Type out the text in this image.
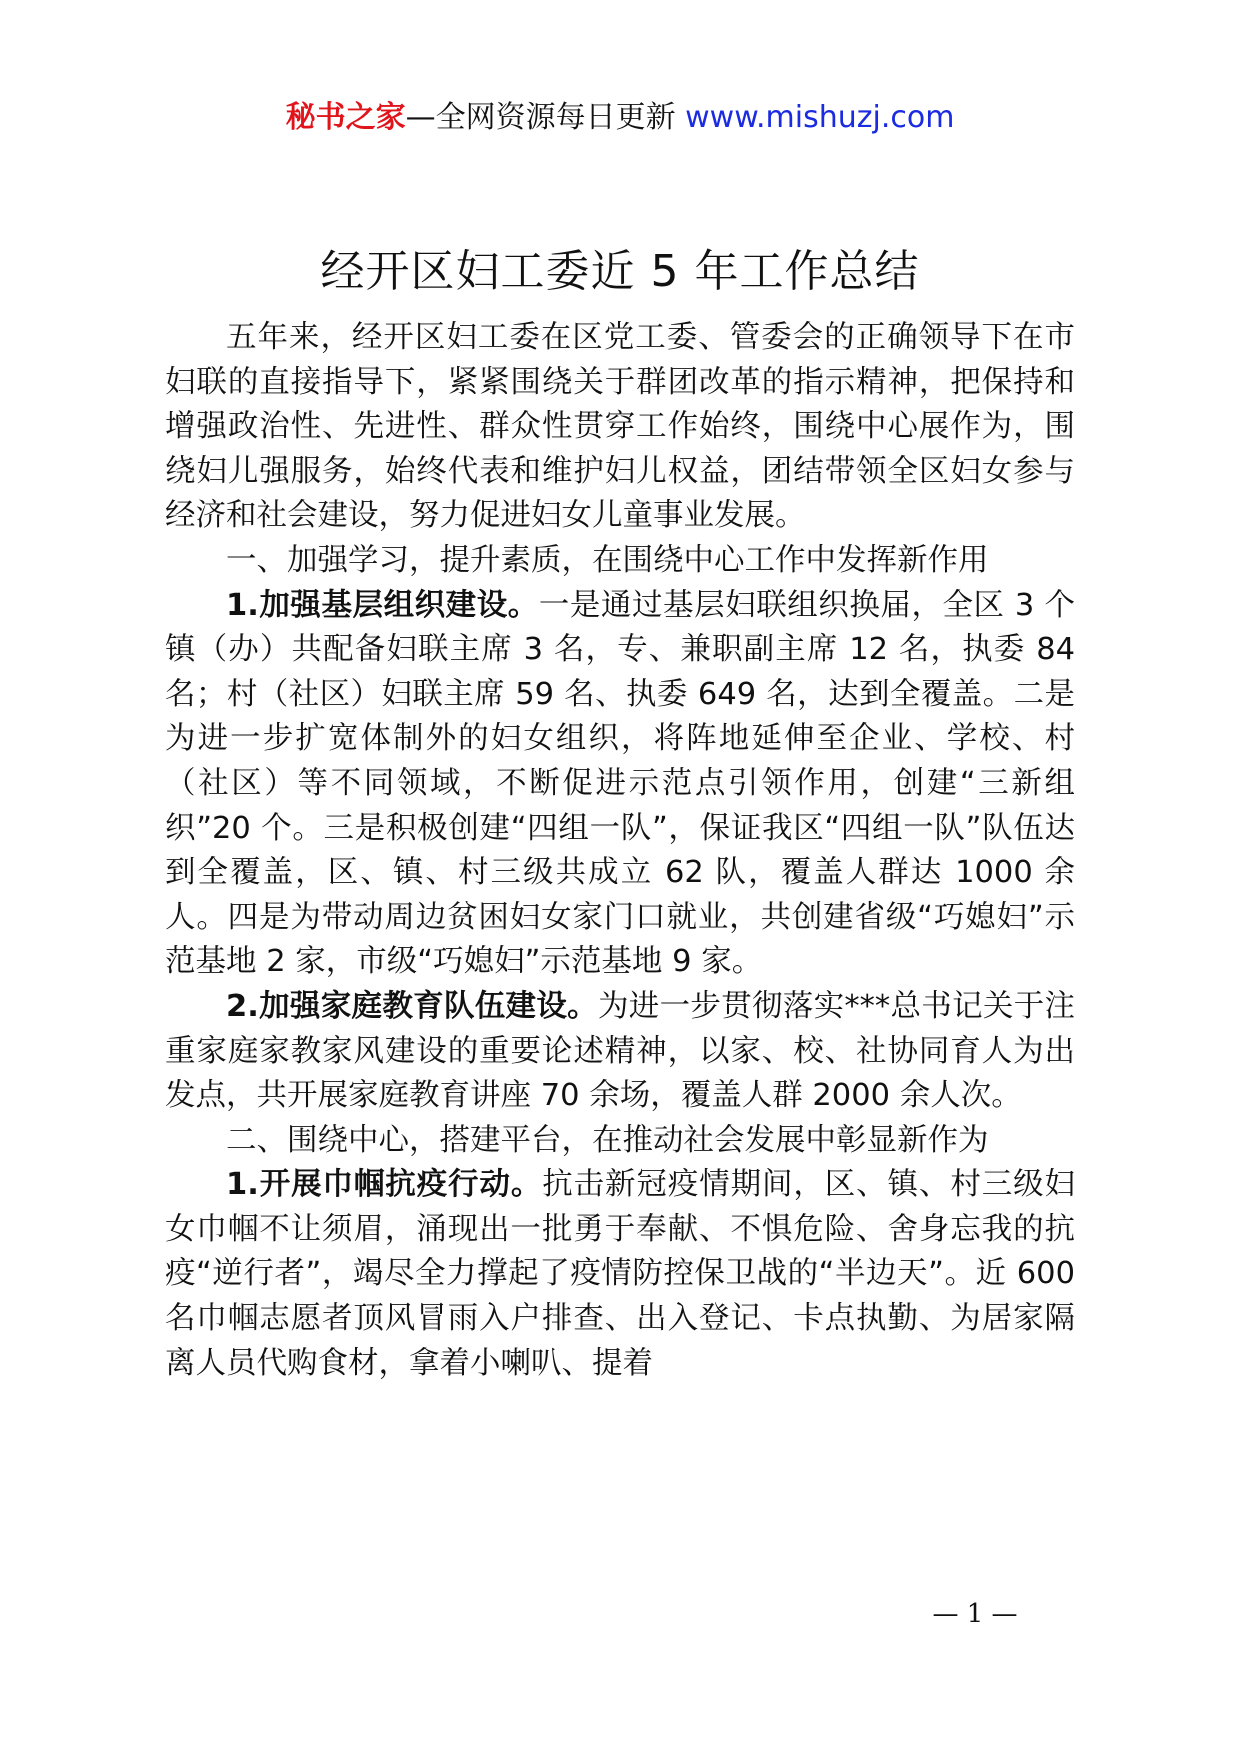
秘书之家—全网资源每日更新 www.mishuzj.com
经开区妇工委近 5 年工作总结

五年来，经开区妇工委在区党工委、管委会的正确领导下在市妇联的直接指导下，紧紧围绕关于群团改革的指示精神，把保持和增强政治性、先进性、群众性贯穿工作始终，围绕中心展作为，围绕妇儿强服务，始终代表和维护妇儿权益，团结带领全区妇女参与经济和社会建设，努力促进妇女儿童事业发展。

一、加强学习，提升素质，在围绕中心工作中发挥新作用

1.加强基层组织建设。一是通过基层妇联组织换届，全区 3 个镇（办）共配备妇联主席 3 名，专、兼职副主席 12 名，执委 84 名；村（社区）妇联主席 59 名、执委 649 名，达到全覆盖。二是为进一步扩宽体制外的妇女组织，将阵地延伸至企业、学校、村（社区）等不同领域，不断促进示范点引领作用，创建“三新组织”20 个。三是积极创建“四组一队”，保证我区“四组一队”队伍达到全覆盖，区、镇、村三级共成立 62 队，覆盖人群达 1000 余人。四是为带动周边贫困妇女家门口就业，共创建省级“巧媳妇”示范基地 2 家，市级“巧媳妇”示范基地 9 家。

2.加强家庭教育队伍建设。为进一步贯彻落实***总书记关于注重家庭家教家风建设的重要论述精神，以家、校、社协同育人为出发点，共开展家庭教育讲座 70 余场，覆盖人群 2000 余人次。

二、围绕中心，搭建平台，在推动社会发展中彰显新作为

1.开展巾帼抗疫行动。抗击新冠疫情期间，区、镇、村三级妇女巾帼不让须眉，涌现出一批勇于奉献、不惧危险、舍身忘我的抗疫“逆行者”，竭尽全力撑起了疫情防控保卫战的“半边天”。近 600 名巾帼志愿者顶风冒雨入户排查、出入登记、卡点执勤、为居家隔离人员代购食材，拿着小喇叭、提着

— 1 —
